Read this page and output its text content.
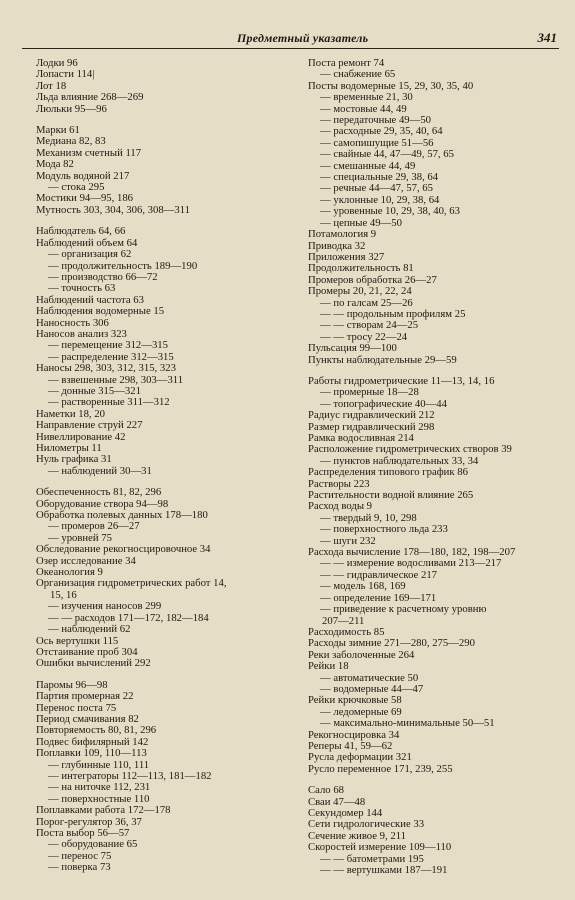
Предметный указатель	341
Лодки 96
Лопасти 114|
Лот 18
Льда влияние 268—269
Люльки 95—96
Марки 61
Медиана 82, 83
Механизм счетный 117
Мода 82
Модуль водяной 217
— стока 295
Мостики 94—95, 186
Мутность 303, 304, 306, 308—311
Наблюдатель 64, 66
Наблюдений объем 64
— организация 62
— продолжительность 189—190
— производство 66—72
— точность 63
Наблюдений частота 63
Наблюдения водомерные 15
Наносность 306
Наносов анализ 323
— перемещение 312—315
— распределение 312—315
Наносы 298, 303, 312, 315, 323
— взвешенные 298, 303—311
— донные 315—321
— растворенные 311—312
Наметки 18, 20
Направление струй 227
Нивеллирование 42
Нилометры 11
Нуль графика 31
— наблюдений 30—31
Обеспеченность 81, 82, 296
Оборудование створа 94—98
Обработка полевых данных 178—180
— промеров 26—27
— уровней 75
Обследование рекогносцировочное 34
Озер исследование 34
Океанология 9
Организация гидрометрических работ 14,
15, 16
— изучения наносов 299
— — расходов 171—172, 182—184
— наблюдений 62
Ось вертушки 115
Отстаивание проб 304
Ошибки вычислений 292
Паромы 96—98
Партия промерная 22
Перенос поста 75
Период смачивания 82
Повторяемость 80, 81, 296
Подвес бифилярный 142
Поплавки 109, 110—113
— глубинные 110, 111
— интеграторы 112—113, 181—182
— на ниточке 112, 231
— поверхностные 110
Поплавками работа 172—178
Порог-регулятор 36, 37
Поста выбор 56—57
— оборудование 65
— перенос 75
— поверка 73
Поста ремонт 74
— снабжение 65
Посты водомерные 15, 29, 30, 35, 40
— временные 21, 30
— мостовые 44, 49
— передаточные 49—50
— расходные 29, 35, 40, 64
— самопишущие 51—56
— свайные 44, 47—49, 57, 65
— смешанные 44, 49
— специальные 29, 38, 64
— речные 44—47, 57, 65
— уклонные 10, 29, 38, 64
— уровенные 10, 29, 38, 40, 63
— цепные 49—50
Потамология 9
Приводка 32
Приложения 327
Продолжительность 81
Промеров обработка 26—27
Промеры 20, 21, 22, 24
— по галсам 25—26
— — продольным профилям 25
— — створам 24—25
— — тросу 22—24
Пульсация 99—100
Пункты наблюдательные 29—59
Работы гидрометрические 11—13, 14, 16
— промерные 18—28
— топографические 40—44
Радиус гидравлический 212
Размер гидравлический 298
Рамка водосливная 214
Расположение гидрометрических створов 39
— пунктов наблюдательных 33, 34
Распределения типового график 86
Растворы 223
Растительности водной влияние 265
Расход воды 9
— твердый 9, 10, 298
— поверхностного льда 233
— шуги 232
Расхода вычисление 178—180, 182, 198—207
— — измерение водосливами 213—217
— — гидравлическое 217
— модель 168, 169
— определение 169—171
— приведение к расчетному уровню
207—211
Расходимость 85
Расходы зимние 271—280, 275—290
Реки заболоченные 264
Рейки 18
— автоматические 50
— водомерные 44—47
Рейки крючковые 58
— ледомерные 69
— максимально-минимальные 50—51
Рекогносцировка 34
Реперы 41, 59—62
Русла деформации 321
Русло переменное 171, 239, 255
Сало 68
Сваи 47—48
Секундомер 144
Сети гидрологические 33
Сечение живое 9, 211
Скоростей измерение 109—110
— — батометрами 195
— — вертушками 187—191
